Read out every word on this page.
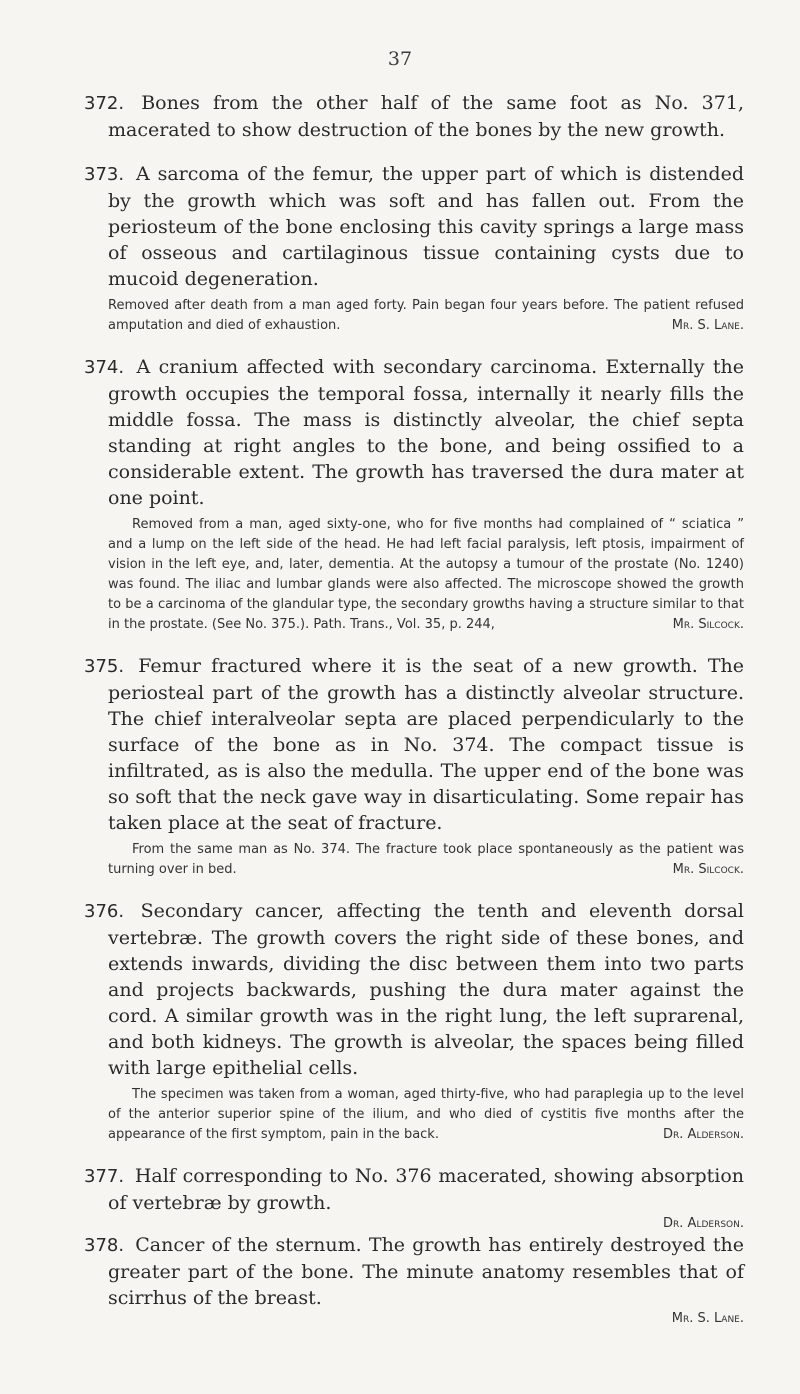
37

372. Bones from the other half of the same foot as No. 371, macerated to show destruction of the bones by the new growth.

373. A sarcoma of the femur, the upper part of which is distended by the growth which was soft and has fallen out. From the periosteum of the bone enclosing this cavity springs a large mass of osseous and cartilaginous tissue containing cysts due to mucoid degeneration.

Removed after death from a man aged forty. Pain began four years before. The patient refused amputation and died of exhaustion.	Mr. S. Lane.

374. A cranium affected with secondary carcinoma. Externally the growth occupies the temporal fossa, internally it nearly fills the middle fossa. The mass is distinctly alveolar, the chief septa standing at right angles to the bone, and being ossified to a considerable extent. The growth has traversed the dura mater at one point.

Removed from a man, aged sixty-one, who for five months had complained of “ sciatica ” and a lump on the left side of the head. He had left facial paralysis, left ptosis, impairment of vision in the left eye, and, later, dementia. At the autopsy a tumour of the prostate (No. 1240) was found. The iliac and lumbar glands were also affected. The microscope showed the growth to be a carcinoma of the glandular type, the secondary growths having a structure similar to that in the prostate. (See No. 375.). Path. Trans., Vol. 35, p. 244,	Mr. Silcock.

375. Femur fractured where it is the seat of a new growth. The periosteal part of the growth has a distinctly alveolar structure. The chief interalveolar septa are placed perpendicularly to the surface of the bone as in No. 374. The compact tissue is infiltrated, as is also the medulla. The upper end of the bone was so soft that the neck gave way in disarticulating. Some repair has taken place at the seat of fracture.

From the same man as No. 374. The fracture took place spontaneously as the patient was turning over in bed.	Mr. Silcock.

376. Secondary cancer, affecting the tenth and eleventh dorsal vertebræ. The growth covers the right side of these bones, and extends inwards, dividing the disc between them into two parts and projects backwards, pushing the dura mater against the cord. A similar growth was in the right lung, the left suprarenal, and both kidneys. The growth is alveolar, the spaces being filled with large epithelial cells.

The specimen was taken from a woman, aged thirty-five, who had paraplegia up to the level of the anterior superior spine of the ilium, and who died of cystitis five months after the appearance of the first symptom, pain in the back.	Dr. Alderson.

377. Half corresponding to No. 376 macerated, showing absorption of vertebræ by growth.

Dr. Alderson.

378. Cancer of the sternum. The growth has entirely destroyed the greater part of the bone. The minute anatomy resembles that of scirrhus of the breast.

Mr. S. Lane.
